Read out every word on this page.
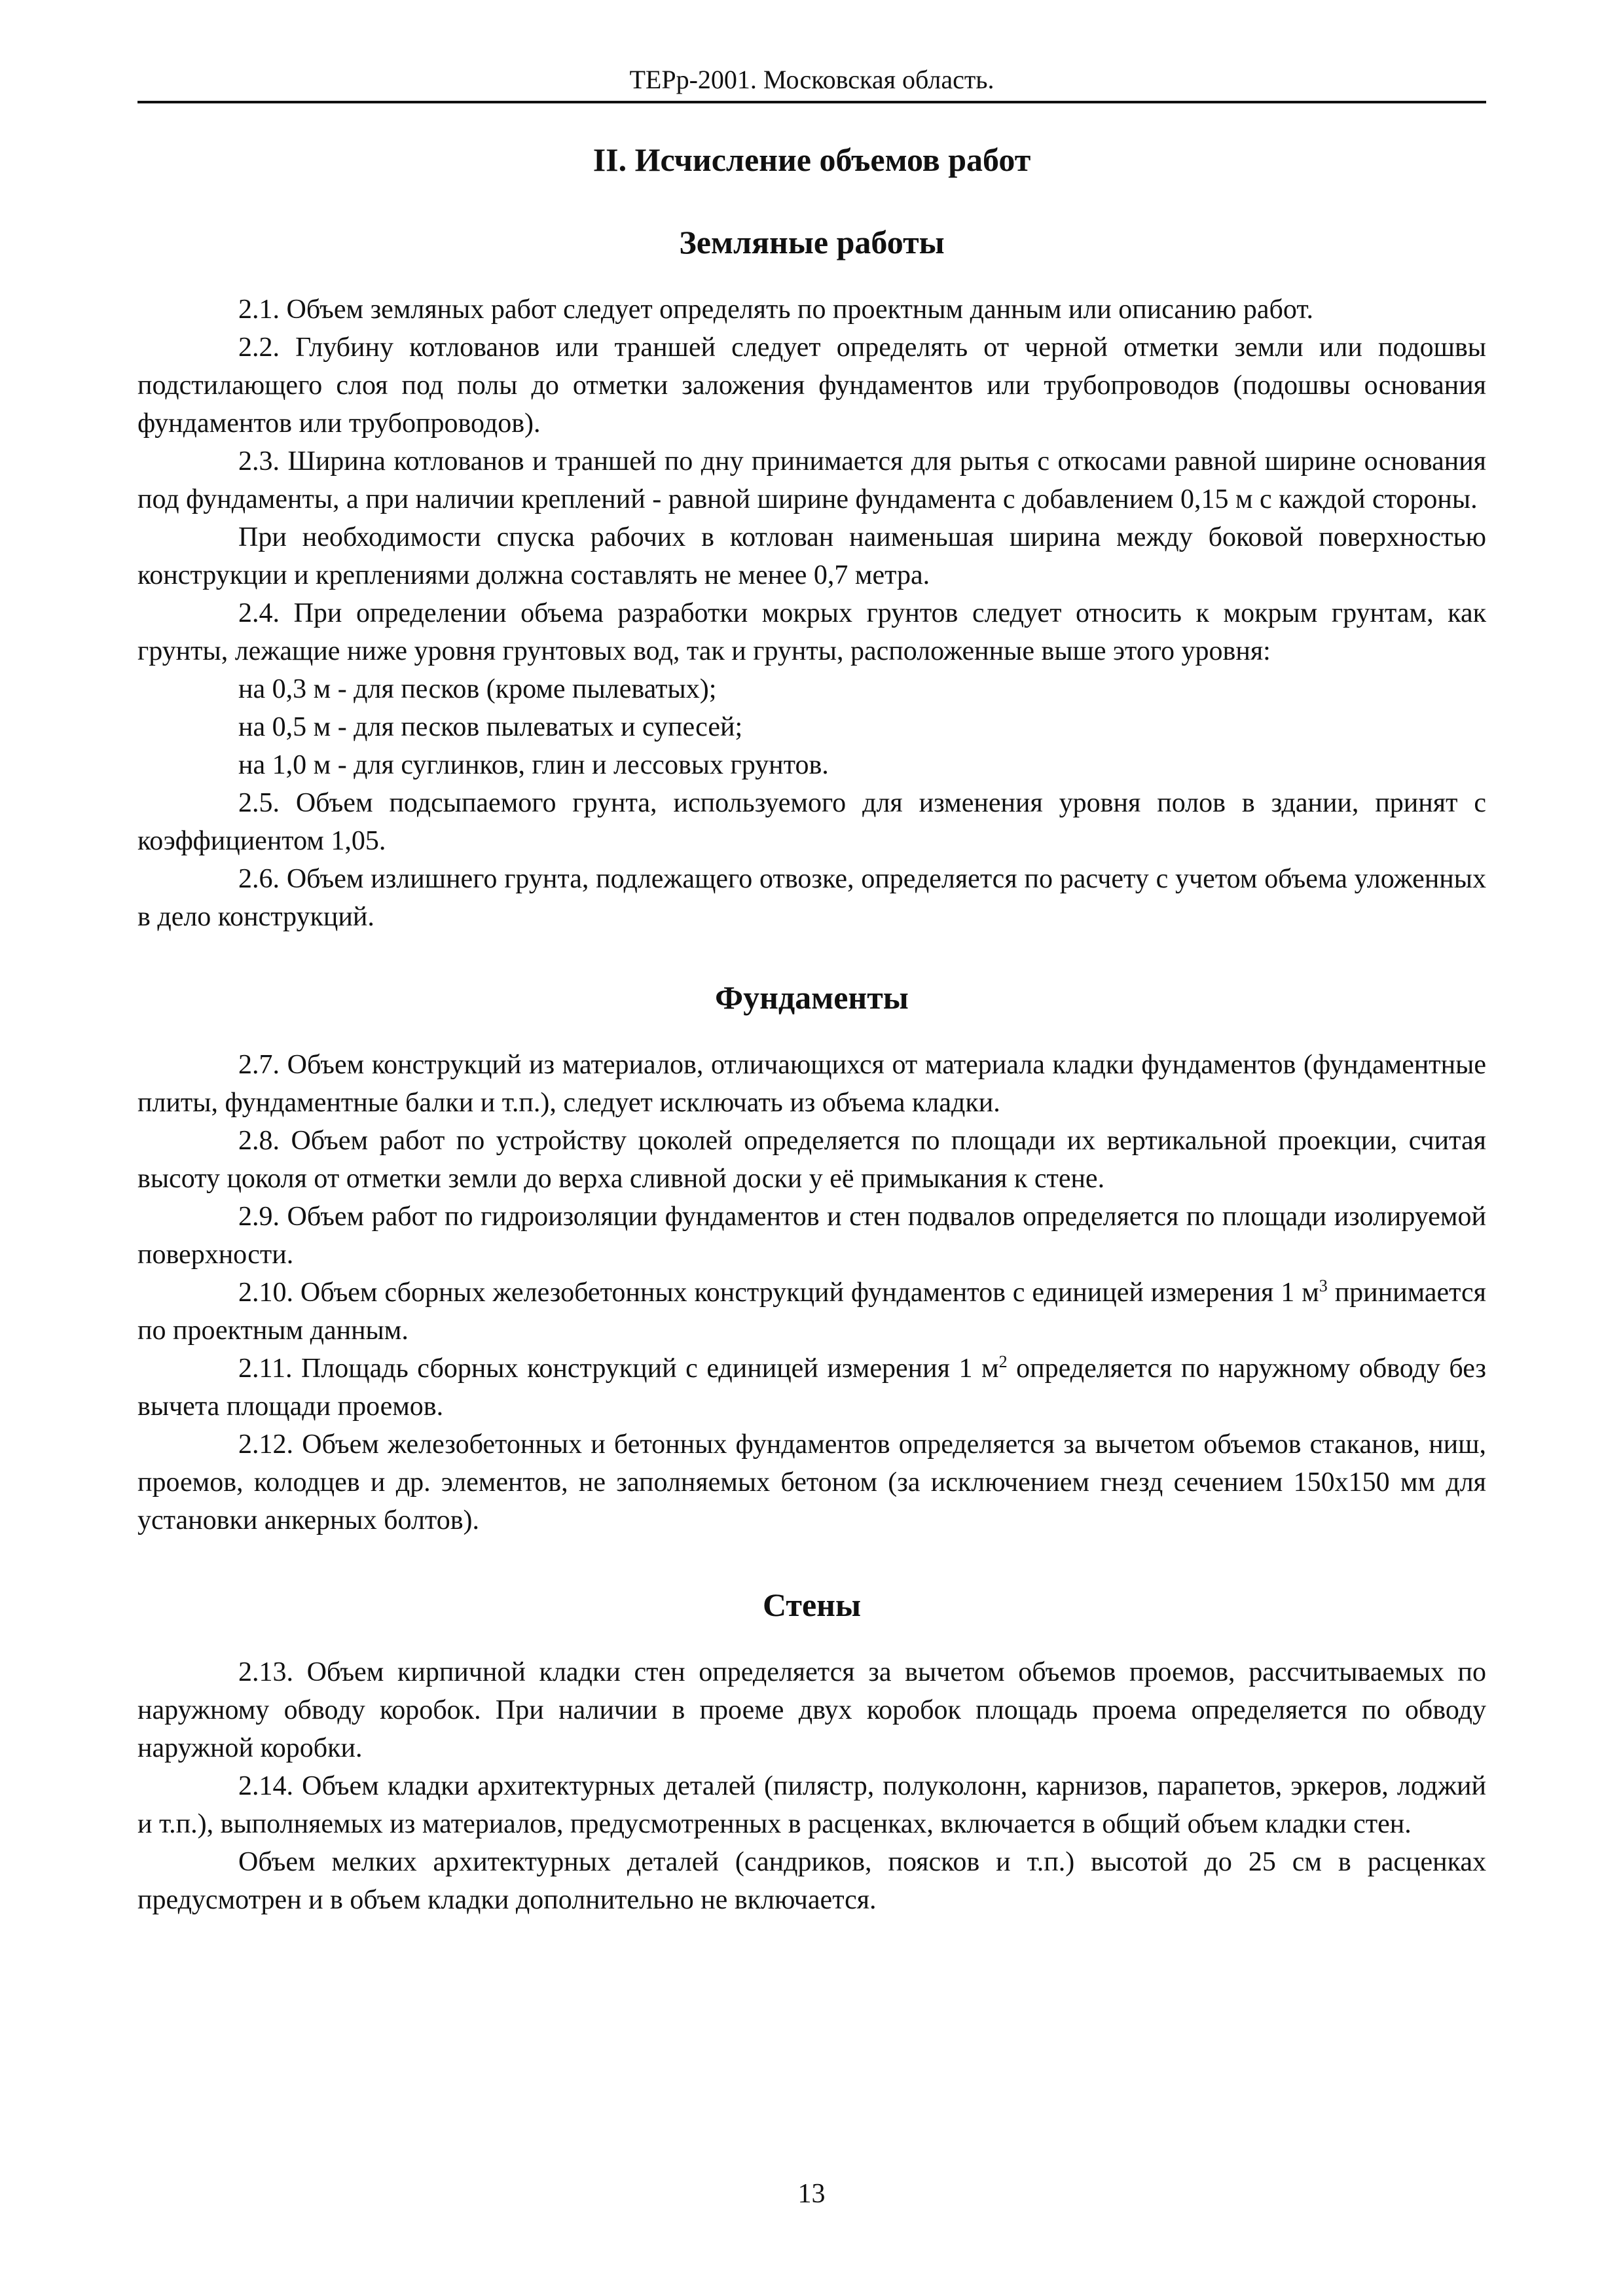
ТЕРр-2001. Московская область.
II. Исчисление объемов работ
Земляные работы

2.1. Объем земляных работ следует определять по проектным данным или описанию работ.

2.2. Глубину котлованов или траншей следует определять от черной отметки земли или подошвы подстилающего слоя под полы до отметки заложения фундаментов или трубопроводов (подошвы основания фундаментов или трубопроводов).

2.3. Ширина котлованов и траншей по дну принимается для рытья с откосами равной ширине основания под фундаменты, а при наличии креплений - равной ширине фундамента с добавлением 0,15 м с каждой стороны.

При необходимости спуска рабочих в котлован наименьшая ширина между боковой поверхностью конструкции и креплениями должна составлять не менее 0,7 метра.

2.4. При определении объема разработки мокрых грунтов следует относить к мокрым грунтам, как грунты, лежащие ниже уровня грунтовых вод, так и грунты, расположенные выше этого уровня:

на 0,3 м - для песков (кроме пылеватых);

на 0,5 м - для песков пылеватых и супесей;

на 1,0 м - для суглинков, глин и лессовых грунтов.

2.5. Объем подсыпаемого грунта, используемого для изменения уровня полов в здании, принят с коэффициентом 1,05.

2.6. Объем излишнего грунта, подлежащего отвозке, определяется по расчету с учетом объема уложенных в дело конструкций.

Фундаменты

2.7. Объем конструкций из материалов, отличающихся от материала кладки фундаментов (фундаментные плиты, фундаментные балки и т.п.), следует исключать из объема кладки.

2.8. Объем работ по устройству цоколей определяется по площади их вертикальной проекции, считая высоту цоколя от отметки земли до верха сливной доски у её примыкания к стене.

2.9. Объем работ по гидроизоляции фундаментов и стен подвалов определяется по площади изолируемой поверхности.

2.10. Объем сборных железобетонных конструкций фундаментов с единицей измерения 1 $м^3$ принимается по проектным данным.

2.11. Площадь сборных конструкций с единицей измерения 1 $м^2$ определяется по наружному обводу без вычета площади проемов.

2.12. Объем железобетонных и бетонных фундаментов определяется за вычетом объемов стаканов, ниш, проемов, колодцев и др. элементов, не заполняемых бетоном (за исключением гнезд сечением 150х150 мм для установки анкерных болтов).

Стены

2.13. Объем кирпичной кладки стен определяется за вычетом объемов проемов, рассчитываемых по наружному обводу коробок. При наличии в проеме двух коробок площадь проема определяется по обводу наружной коробки.

2.14. Объем кладки архитектурных деталей (пилястр, полуколонн, карнизов, парапетов, эркеров, лоджий и т.п.), выполняемых из материалов, предусмотренных в расценках, включается в общий объем кладки стен.

Объем мелких архитектурных деталей (сандриков, поясков и т.п.) высотой до 25 см в расценках предусмотрен и в объем кладки дополнительно не включается.

13
